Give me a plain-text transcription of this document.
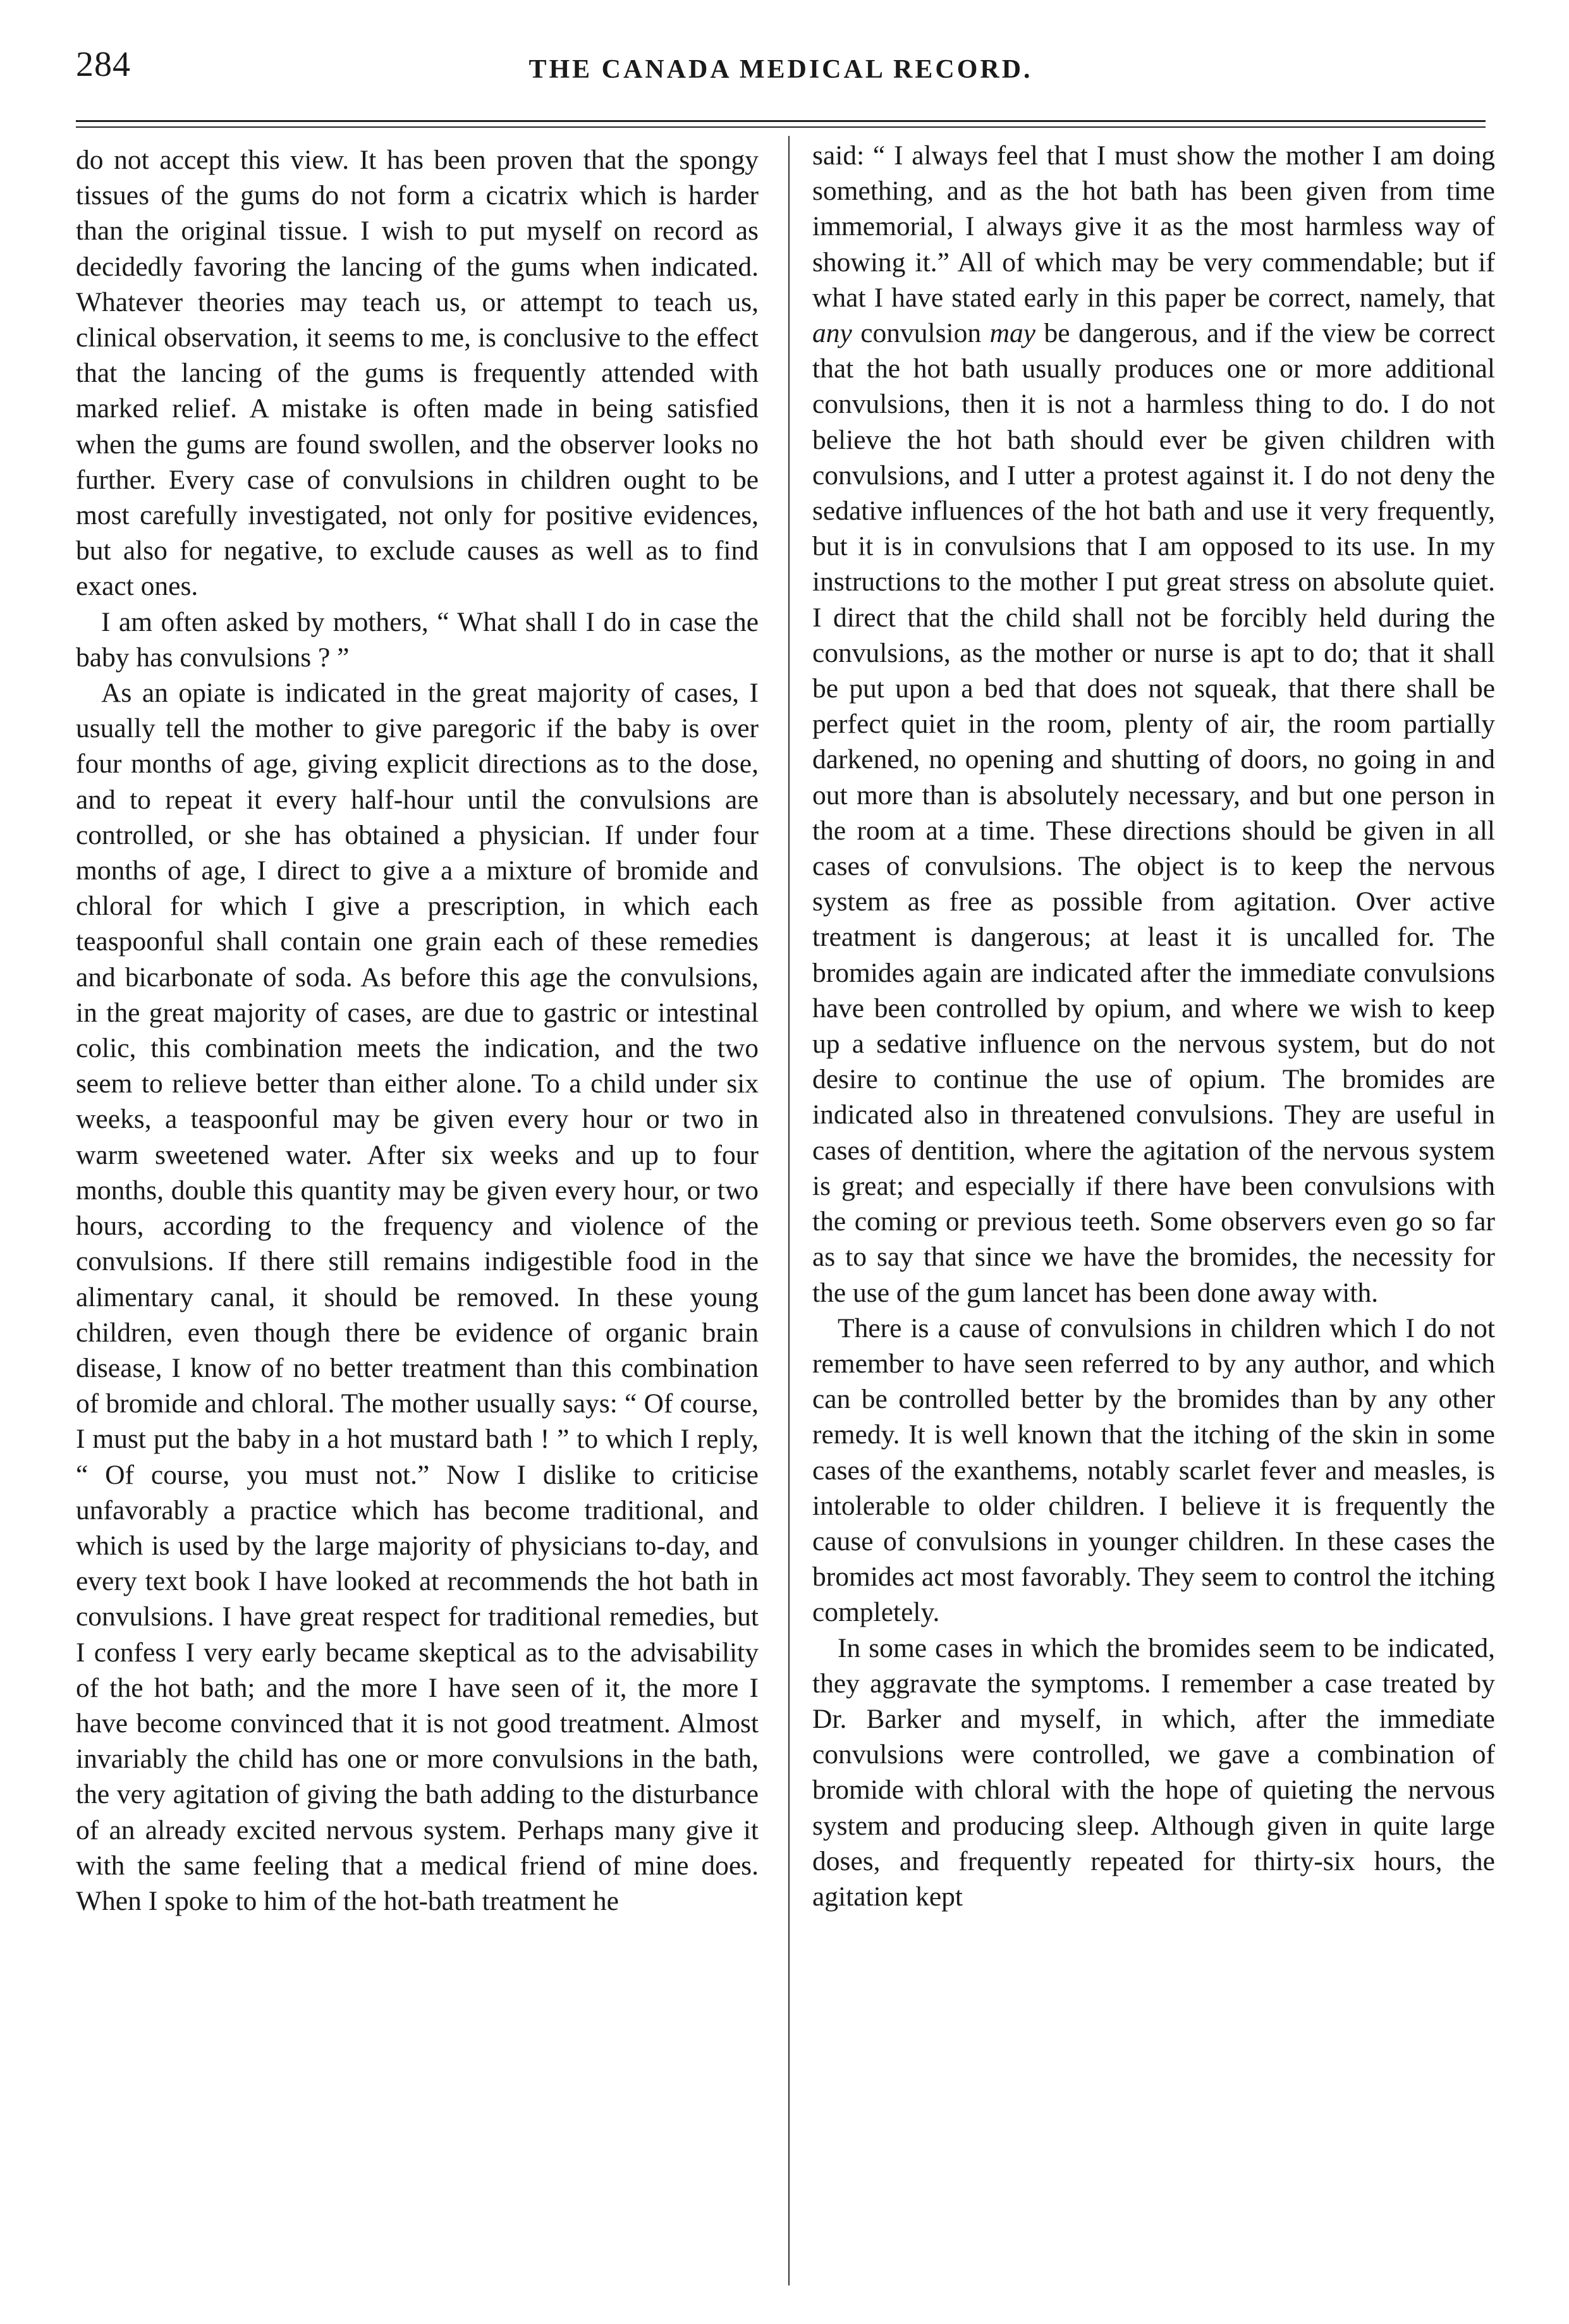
284	THE CANADA MEDICAL RECORD.

do not accept this view. It has been proven that the spongy tissues of the gums do not form a cicatrix which is harder than the original tissue. I wish to put myself on record as decidedly favoring the lancing of the gums when indicated. Whatever theories may teach us, or attempt to teach us, clinical observation, it seems to me, is conclusive to the effect that the lancing of the gums is frequently attended with marked relief. A mistake is often made in being satisfied when the gums are found swollen, and the observer looks no further. Every case of convulsions in children ought to be most carefully investigated, not only for positive evidences, but also for negative, to exclude causes as well as to find exact ones.

I am often asked by mothers, “ What shall I do in case the baby has convulsions ? ”

As an opiate is indicated in the great majority of cases, I usually tell the mother to give paregoric if the baby is over four months of age, giving explicit directions as to the dose, and to repeat it every half-hour until the convulsions are controlled, or she has obtained a physician. If under four months of age, I direct to give a a mixture of bromide and chloral for which I give a prescription, in which each teaspoonful shall contain one grain each of these remedies and bicarbonate of soda. As before this age the convulsions, in the great majority of cases, are due to gastric or intestinal colic, this combination meets the indication, and the two seem to relieve better than either alone. To a child under six weeks, a teaspoonful may be given every hour or two in warm sweetened water. After six weeks and up to four months, double this quantity may be given every hour, or two hours, according to the frequency and violence of the convulsions. If there still remains indigestible food in the alimentary canal, it should be removed. In these young children, even though there be evidence of organic brain disease, I know of no better treatment than this combination of bromide and chloral. The mother usually says: “ Of course, I must put the baby in a hot mustard bath ! ” to which I reply, “ Of course, you must not.” Now I dislike to criticise unfavorably a practice which has become traditional, and which is used by the large majority of physicians to-day, and every text book I have looked at recommends the hot bath in convulsions. I have great respect for traditional remedies, but I confess I very early became skeptical as to the advisability of the hot bath; and the more I have seen of it, the more I have become convinced that it is not good treatment. Almost invariably the child has one or more convulsions in the bath, the very agitation of giving the bath adding to the disturbance of an already excited nervous system. Perhaps many give it with the same feeling that a medical friend of mine does. When I spoke to him of the hot-bath treatment he

said: “ I always feel that I must show the mother I am doing something, and as the hot bath has been given from time immemorial, I always give it as the most harmless way of showing it.” All of which may be very commendable; but if what I have stated early in this paper be correct, namely, that any convulsion may be dangerous, and if the view be correct that the hot bath usually produces one or more additional convulsions, then it is not a harmless thing to do. I do not believe the hot bath should ever be given children with convulsions, and I utter a protest against it. I do not deny the sedative influences of the hot bath and use it very frequently, but it is in convulsions that I am opposed to its use. In my instructions to the mother I put great stress on absolute quiet. I direct that the child shall not be forcibly held during the convulsions, as the mother or nurse is apt to do; that it shall be put upon a bed that does not squeak, that there shall be perfect quiet in the room, plenty of air, the room partially darkened, no opening and shutting of doors, no going in and out more than is absolutely necessary, and but one person in the room at a time. These directions should be given in all cases of convulsions. The object is to keep the nervous system as free as possible from agitation. Over active treatment is dangerous; at least it is uncalled for. The bromides again are indicated after the immediate convulsions have been controlled by opium, and where we wish to keep up a sedative influence on the nervous system, but do not desire to continue the use of opium. The bromides are indicated also in threatened convulsions. They are useful in cases of dentition, where the agitation of the nervous system is great; and especially if there have been convulsions with the coming or previous teeth. Some observers even go so far as to say that since we have the bromides, the necessity for the use of the gum lancet has been done away with.

There is a cause of convulsions in children which I do not remember to have seen referred to by any author, and which can be controlled better by the bromides than by any other remedy. It is well known that the itching of the skin in some cases of the exanthems, notably scarlet fever and measles, is intolerable to older children. I believe it is frequently the cause of convulsions in younger children. In these cases the bromides act most favorably. They seem to control the itching completely.

In some cases in which the bromides seem to be indicated, they aggravate the symptoms. I remember a case treated by Dr. Barker and myself, in which, after the immediate convulsions were controlled, we gave a combination of bromide with chloral with the hope of quieting the nervous system and producing sleep. Although given in quite large doses, and frequently repeated for thirty-six hours, the agitation kept
